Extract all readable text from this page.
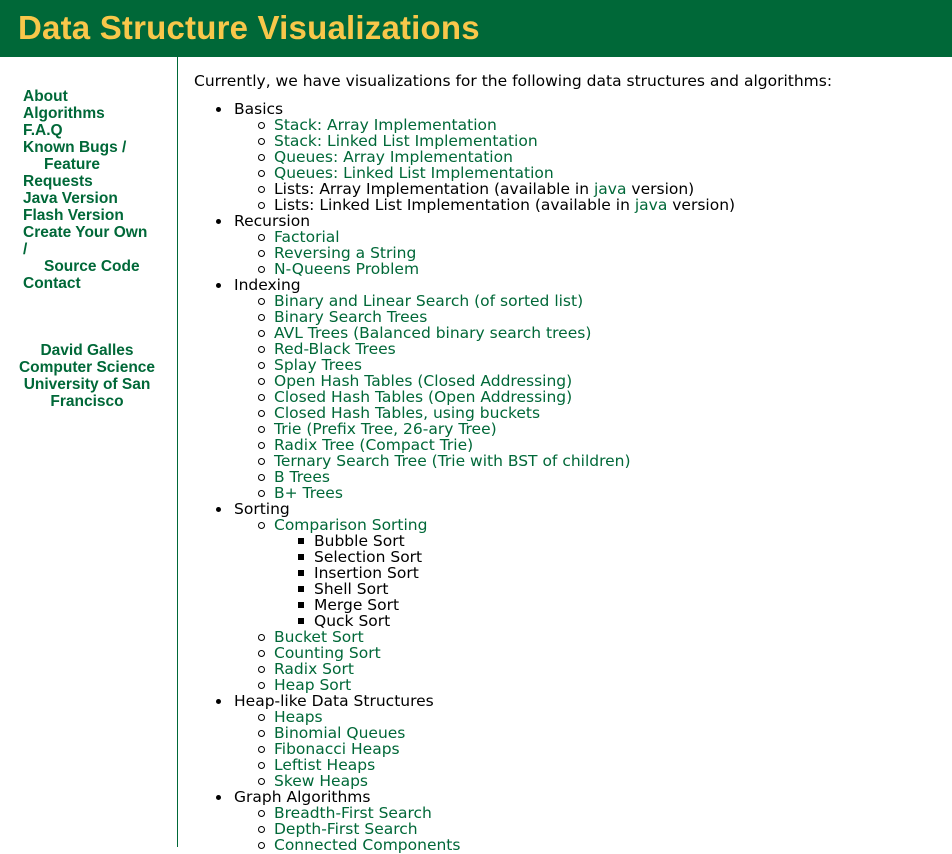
Data Structure Visualizations
About
Algorithms
F.A.Q
Known Bugs /
Feature
Requests
Java Version
Flash Version
Create Your Own
/
Source Code
Contact
David Galles
Computer Science
University of San
Francisco
Currently, we have visualizations for the following data structures and algorithms:
Basics
Stack: Array Implementation
Stack: Linked List Implementation
Queues: Array Implementation
Queues: Linked List Implementation
Lists: Array Implementation (available in java version)
Lists: Linked List Implementation (available in java version)
Recursion
Factorial
Reversing a String
N-Queens Problem
Indexing
Binary and Linear Search (of sorted list)
Binary Search Trees
AVL Trees (Balanced binary search trees)
Red-Black Trees
Splay Trees
Open Hash Tables (Closed Addressing)
Closed Hash Tables (Open Addressing)
Closed Hash Tables, using buckets
Trie (Prefix Tree, 26-ary Tree)
Radix Tree (Compact Trie)
Ternary Search Tree (Trie with BST of children)
B Trees
B+ Trees
Sorting
Comparison Sorting
Bubble Sort
Selection Sort
Insertion Sort
Shell Sort
Merge Sort
Quck Sort
Bucket Sort
Counting Sort
Radix Sort
Heap Sort
Heap-like Data Structures
Heaps
Binomial Queues
Fibonacci Heaps
Leftist Heaps
Skew Heaps
Graph Algorithms
Breadth-First Search
Depth-First Search
Connected Components
